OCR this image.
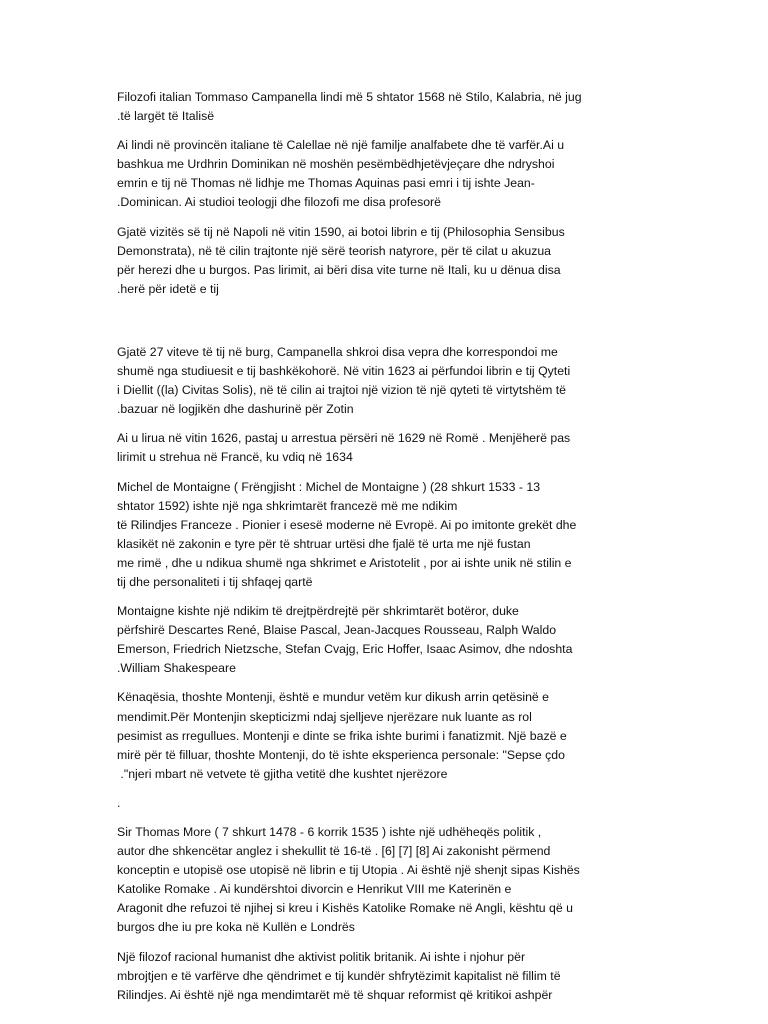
Filozofi italian Tommaso Campanella lindi më 5 shtator 1568 në Stilo, Kalabria, në jug
.të largët të Italisë

Ai lindi në provincën italiane të Calellae në një familje analfabete dhe të varfër.Ai u
bashkua me Urdhrin Dominikan në moshën pesëmbëdhjetëvjeçare dhe ndryshoi
emrin e tij në Thomas në lidhje me Thomas Aquinas pasi emri i tij ishte Jean-
.Dominican. Ai studioi teologji dhe filozofi me disa profesorë

Gjatë vizitës së tij në Napoli në vitin 1590, ai botoi librin e tij (Philosophia Sensibus
Demonstrata), në të cilin trajtonte një sërë teorish natyrore, për të cilat u akuzua
për herezi dhe u burgos. Pas lirimit, ai bëri disa vite turne në Itali, ku u dënua disa
.herë për idetë e tij

Gjatë 27 viteve të tij në burg, Campanella shkroi disa vepra dhe korrespondoi me
shumë nga studiuesit e tij bashkëkohorë. Në vitin 1623 ai përfundoi librin e tij Qyteti
i Diellit ((la) Civitas Solis), në të cilin ai trajtoi një vizion të një qyteti të virtytshëm të
.bazuar në logjikën dhe dashurinë për Zotin

Ai u lirua në vitin 1626, pastaj u arrestua përsëri në 1629 në Romë . Menjëherë pas
lirimit u strehua në Francë, ku vdiq në 1634

Michel de Montaigne ( Frëngjisht : Michel de Montaigne ) (28 shkurt 1533 - 13
shtator 1592) ishte një nga shkrimtarët francezë më me ndikim
të Rilindjes Franceze . Pionier i esesë moderne në Evropë. Ai po imitonte grekët dhe
klasikët në zakonin e tyre për të shtruar urtësi dhe fjalë të urta me një fustan
me rimë , dhe u ndikua shumë nga shkrimet e Aristotelit , por ai ishte unik në stilin e
tij dhe personaliteti i tij shfaqej qartë

Montaigne kishte një ndikim të drejtpërdrejtë për shkrimtarët botëror, duke
përfshirë Descartes René, Blaise Pascal, Jean-Jacques Rousseau, Ralph Waldo
Emerson, Friedrich Nietzsche, Stefan Cvajg, Eric Hoffer, Isaac Asimov, dhe ndoshta
.William Shakespeare

Kënaqësia, thoshte Montenji, është e mundur vetëm kur dikush arrin qetësinë e
mendimit.Për Montenjin skepticizmi ndaj sjelljeve njerëzare nuk luante as rol
pesimist as rregullues. Montenji e dinte se frika ishte burimi i fanatizmit. Një bazë e
mirë për të filluar, thoshte Montenji, do të ishte eksperienca personale: "Sepse çdo
."njeri mbart në vetvete të gjitha vetitë dhe kushtet njerëzore

.

Sir Thomas More ( 7 shkurt 1478 - 6 korrik 1535 ) ishte një udhëheqës politik ,
autor dhe shkencëtar anglez i shekullit të 16-të . [6] [7] [8] Ai zakonisht përmend
konceptin e utopisë ose utopisë në librin e tij Utopia . Ai është një shenjt sipas Kishës
Katolike Romake . Ai kundërshtoi divorcin e Henrikut VIII me Katerinën e
Aragonit dhe refuzoi të njihej si kreu i Kishës Katolike Romake në Angli, kështu që u
burgos dhe iu pre koka në Kullën e Londrës

Një filozof racional humanist dhe aktivist politik britanik. Ai ishte i njohur për
mbrojtjen e të varfërve dhe qëndrimet e tij kundër shfrytëzimit kapitalist në fillim të
Rilindjes. Ai është një nga mendimtarët më të shquar reformist që kritikoi ashpër
